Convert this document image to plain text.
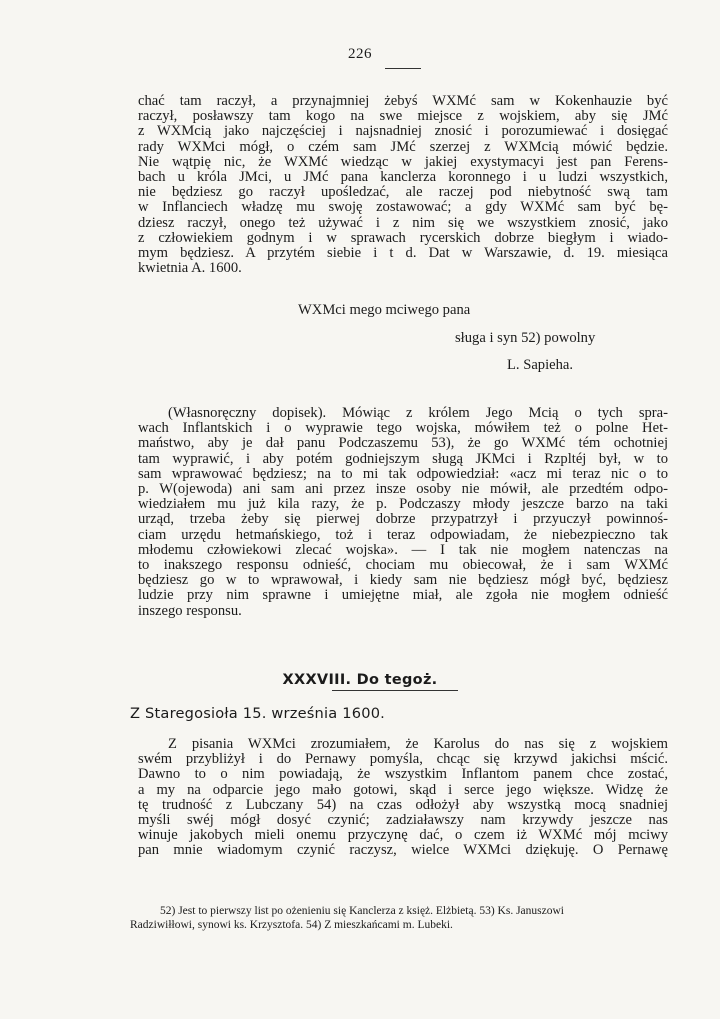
226
chać tam raczył, a przynajmniej żebyś WXMć sam w Kokenhauzie być
raczył, posławszy tam kogo na swe miejsce z wojskiem, aby się JMć
z WXMcią jako najczęściej i najsnadniej znosić i porozumiewać i dosięgać
rady WXMci mógł, o czém sam JMć szerzej z WXMcią mówić będzie.
Nie wątpię nic, że WXMć wiedząc w jakiej exystymacyi jest pan Ferens-
bach u króla JMci, u JMć pana kanclerza koronnego i u ludzi wszystkich,
nie będziesz go raczył upośledzać, ale raczej pod niebytność swą tam
w Inflanciech władzę mu swoję zostawować; a gdy WXMć sam być bę-
dziesz raczył, onego też używać i z nim się we wszystkiem znosić, jako
z człowiekiem godnym i w sprawach rycerskich dobrze biegłym i wiado-
mym będziesz. A przytém siebie i t d. Dat w Warszawie, d. 19. miesiąca
kwietnia A. 1600.
WXMci mego mciwego pana
sługa i syn 52) powolny
L. Sapieha.
(Własnoręczny dopisek). Mówiąc z królem Jego Mcią o tych spra-
wach Inflantskich i o wyprawie tego wojska, mówiłem też o polne Het-
maństwo, aby je dał panu Podczaszemu 53), że go WXMć tém ochotniej
tam wyprawić, i aby potém godniejszym sługą JKMci i Rzpltéj był, w to
sam wprawować będziesz; na to mi tak odpowiedział: «acz mi teraz nic o to
p. W(ojewoda) ani sam ani przez insze osoby nie mówił, ale przedtém odpo-
wiedziałem mu już kila razy, że p. Podczaszy młody jeszcze barzo na taki
urząd, trzeba żeby się pierwej dobrze przypatrzył i przyuczył powinnoś-
ciam urzędu hetmańskiego, toż i teraz odpowiadam, że niebezpieczno tak
młodemu człowiekowi zlecać wojska». — I tak nie mogłem natenczas na
to inakszego responsu odnieść, chociam mu obiecował, że i sam WXMć
będziesz go w to wprawował, i kiedy sam nie będziesz mógł być, będziesz
ludzie przy nim sprawne i umiejętne miał, ale zgoła nie mogłem odnieść
inszego responsu.
XXXVIII. Do tegoż.
Z Staregosioła 15. września 1600.
Z pisania WXMci zrozumiałem, że Karolus do nas się z wojskiem
swém przybliżył i do Pernawy pomyśla, chcąc się krzywd jakichsi mścić.
Dawno to o nim powiadają, że wszystkim Inflantom panem chce zostać,
a my na odparcie jego mało gotowi, skąd i serce jego większe. Widzę że
tę trudność z Lubczany 54) na czas odłożył aby wszystką mocą snadniej
myśli swéj mógł dosyć czynić; zadziaławszy nam krzywdy jeszcze nas
winuje jakobych mieli onemu przyczynę dać, o czem iż WXMć mój mciwy
pan mnie wiadomym czynić raczysz, wielce WXMci dziękuję. O Pernawę
52) Jest to pierwszy list po ożenieniu się Kanclerza z księż. Elżbietą. 53) Ks. Januszowi
Radziwiłłowi, synowi ks. Krzysztofa. 54) Z mieszkańcami m. Lubeki.
